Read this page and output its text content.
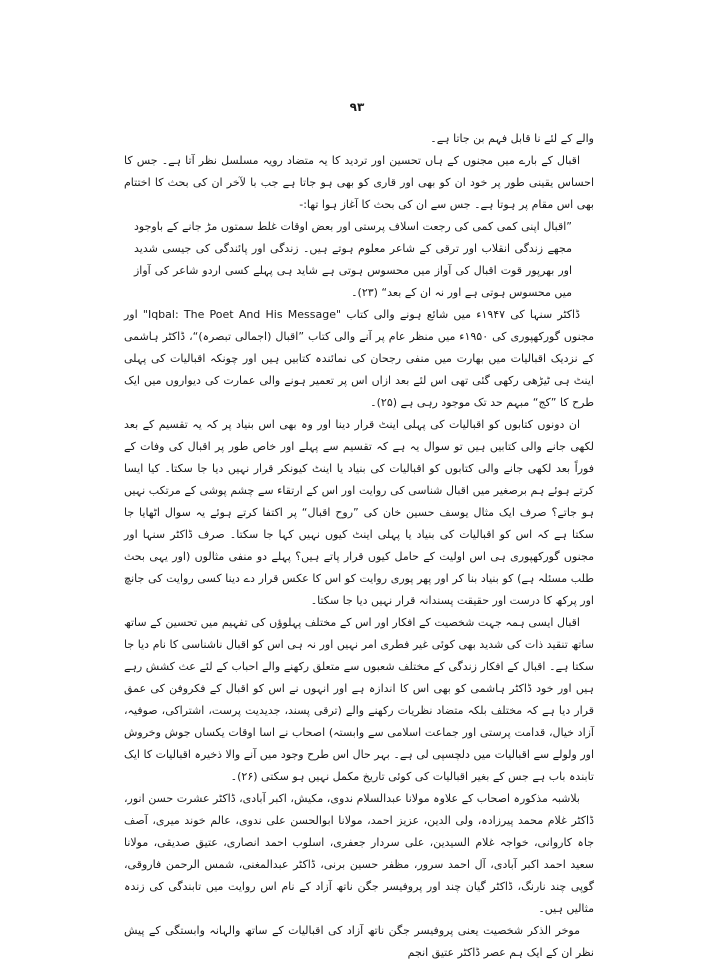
۹۳

والے کے لئے نا قابل فہم بن جاتا ہے۔

اقبال کے بارے میں مجنوں کے ہاں تحسین اور تردید کا یہ متضاد رویہ مسلسل نظر آتا ہے۔ جس کا احساس یقینی طور پر خود ان کو بھی اور قاری کو بھی ہو جاتا ہے جب با لآخر ان کی بحث کا اختتام بھی اس مقام پر ہوتا ہے۔ جس سے ان کی بحث کا آغاز ہوا تھا:-

”اقبال اپنی کمی کمی کی رجعت اسلاف پرستی اور بعض اوقات غلط سمتوں مڑ جانے کے باوجود مجھے زندگی انقلاب اور ترقی کے شاعر معلوم ہوتے ہیں۔ زندگی اور پائندگی کی جیسی شدید اور بھرپور قوت اقبال کی آواز میں محسوس ہوتی ہے شاید ہی پہلے کسی اردو شاعر کی آواز میں محسوس ہوتی ہے اور نہ ان کے بعد“ (۲۳)۔

ڈاکٹر سنہا کی ۱۹۴۷ء میں شائع ہونے والی کتاب "Iqbal: The Poet And His Message" اور مجنوں گورکھپوری کی ۱۹۵۰ء میں منظر عام پر آنے والی کتاب ”اقبال (اجمالی تبصرہ)“، ڈاکٹر ہاشمی کے نزدیک اقبالیات میں بھارت میں منفی رجحان کی نمائندہ کتابیں ہیں اور چونکہ اقبالیات کی پہلی اینٹ ہی ٹیڑھی رکھی گئی تھی اس لئے بعد ازاں اس پر تعمیر ہونے والی عمارت کی دیواروں میں ایک طرح کا ”کج“ مبہم حد تک موجود رہی ہے (۲۵)۔

ان دونوں کتابوں کو اقبالیات کی پہلی اینٹ قرار دینا اور وہ بھی اس بنیاد پر کہ یہ تقسیم کے بعد لکھی جانے والی کتابیں ہیں تو سوال یہ ہے کہ تقسیم سے پہلے اور خاص طور پر اقبال کی وفات کے فوراً بعد لکھی جانے والی کتابوں کو اقبالیات کی بنیاد یا اینٹ کیونکر قرار نہیں دیا جا سکتا۔ کیا ایسا کرتے ہوئے ہم برصغیر میں اقبال شناسی کی روایت اور اس کے ارتقاء سے چشم پوشی کے مرتکب نہیں ہو جاتے؟ صرف ایک مثال یوسف حسین خان کی ”روح اقبال“ پر اکتفا کرتے ہوئے یہ سوال اٹھایا جا سکتا ہے کہ اس کو اقبالیات کی بنیاد یا پہلی اینٹ کیوں نہیں کہا جا سکتا۔ صرف ڈاکٹر سنہا اور مجنوں گورکھپوری ہی اس اولیت کے حامل کیوں قرار پاتے ہیں؟ پہلے دو منفی مثالوں (اور یہی بحث طلب مسئلہ ہے) کو بنیاد بنا کر اور پھر پوری روایت کو اس کا عکس قرار دے دینا کسی روایت کی جانچ اور پرکھ کا درست اور حقیقت پسندانہ قرار نہیں دیا جا سکتا۔

اقبال ایسی ہمہ جہت شخصیت کے افکار اور اس کے مختلف پہلوؤں کی تفہیم میں تحسین کے ساتھ ساتھ تنقید ذات کی شدید بھی کوئی غیر فطری امر نہیں اور نہ ہی اس کو اقبال ناشناسی کا نام دیا جا سکتا ہے۔ اقبال کے افکار زندگی کے مختلف شعبوں سے متعلق رکھنے والے احباب کے لئے عث کشش رہے ہیں اور خود ڈاکٹر ہاشمی کو بھی اس کا اندازہ ہے اور انہوں نے اس کو اقبال کے فکروفن کی عمق قرار دیا ہے کہ مختلف بلکہ متضاد نظریات رکھنے والے (ترقی پسند، جدیدیت پرست، اشتراکی، صوفیہ، آزاد خیال، قدامت پرستی اور جماعت اسلامی سے وابستہ) اصحاب نے اسا اوقات یکساں جوش وخروش اور ولولے سے اقبالیات میں دلچسپی لی ہے۔ بہر حال اس طرح وجود میں آنے والا ذخیرہ اقبالیات کا ایک تابندہ باب ہے جس کے بغیر اقبالیات کی کوئی تاریخ مکمل نہیں ہو سکتی (۲۶)۔

بلاشبہ مذکورہ اصحاب کے علاوہ مولانا عبدالسلام ندوی، مکیش، اکبر آبادی، ڈاکٹر عشرت حسن انور، ڈاکٹر غلام محمد پیرزادہ، ولی الدین، عزیز احمد، مولانا ابوالحسن علی ندوی، عالم خوند میری، آصف جاہ کاروانی، خواجہ غلام السیدین، علی سردار جعفری، اسلوب احمد انصاری، عتیق صدیقی، مولانا سعید احمد اکبر آبادی، آل احمد سرور، مظفر حسین برنی، ڈاکٹر عبدالمغنی، شمس الرحمن فاروقی، گوپی چند نارنگ، ڈاکٹر گیان چند اور پروفیسر جگن ناتھ آزاد کے نام اس روایت میں تابندگی کی زندہ مثالیں ہیں۔

موخر الذکر شخصیت یعنی پروفیسر جگن ناتھ آزاد کی اقبالیات کے ساتھ والہانہ وابستگی کے پیش نظر ان کے ایک ہم عصر ڈاکٹر عتیق انجم
